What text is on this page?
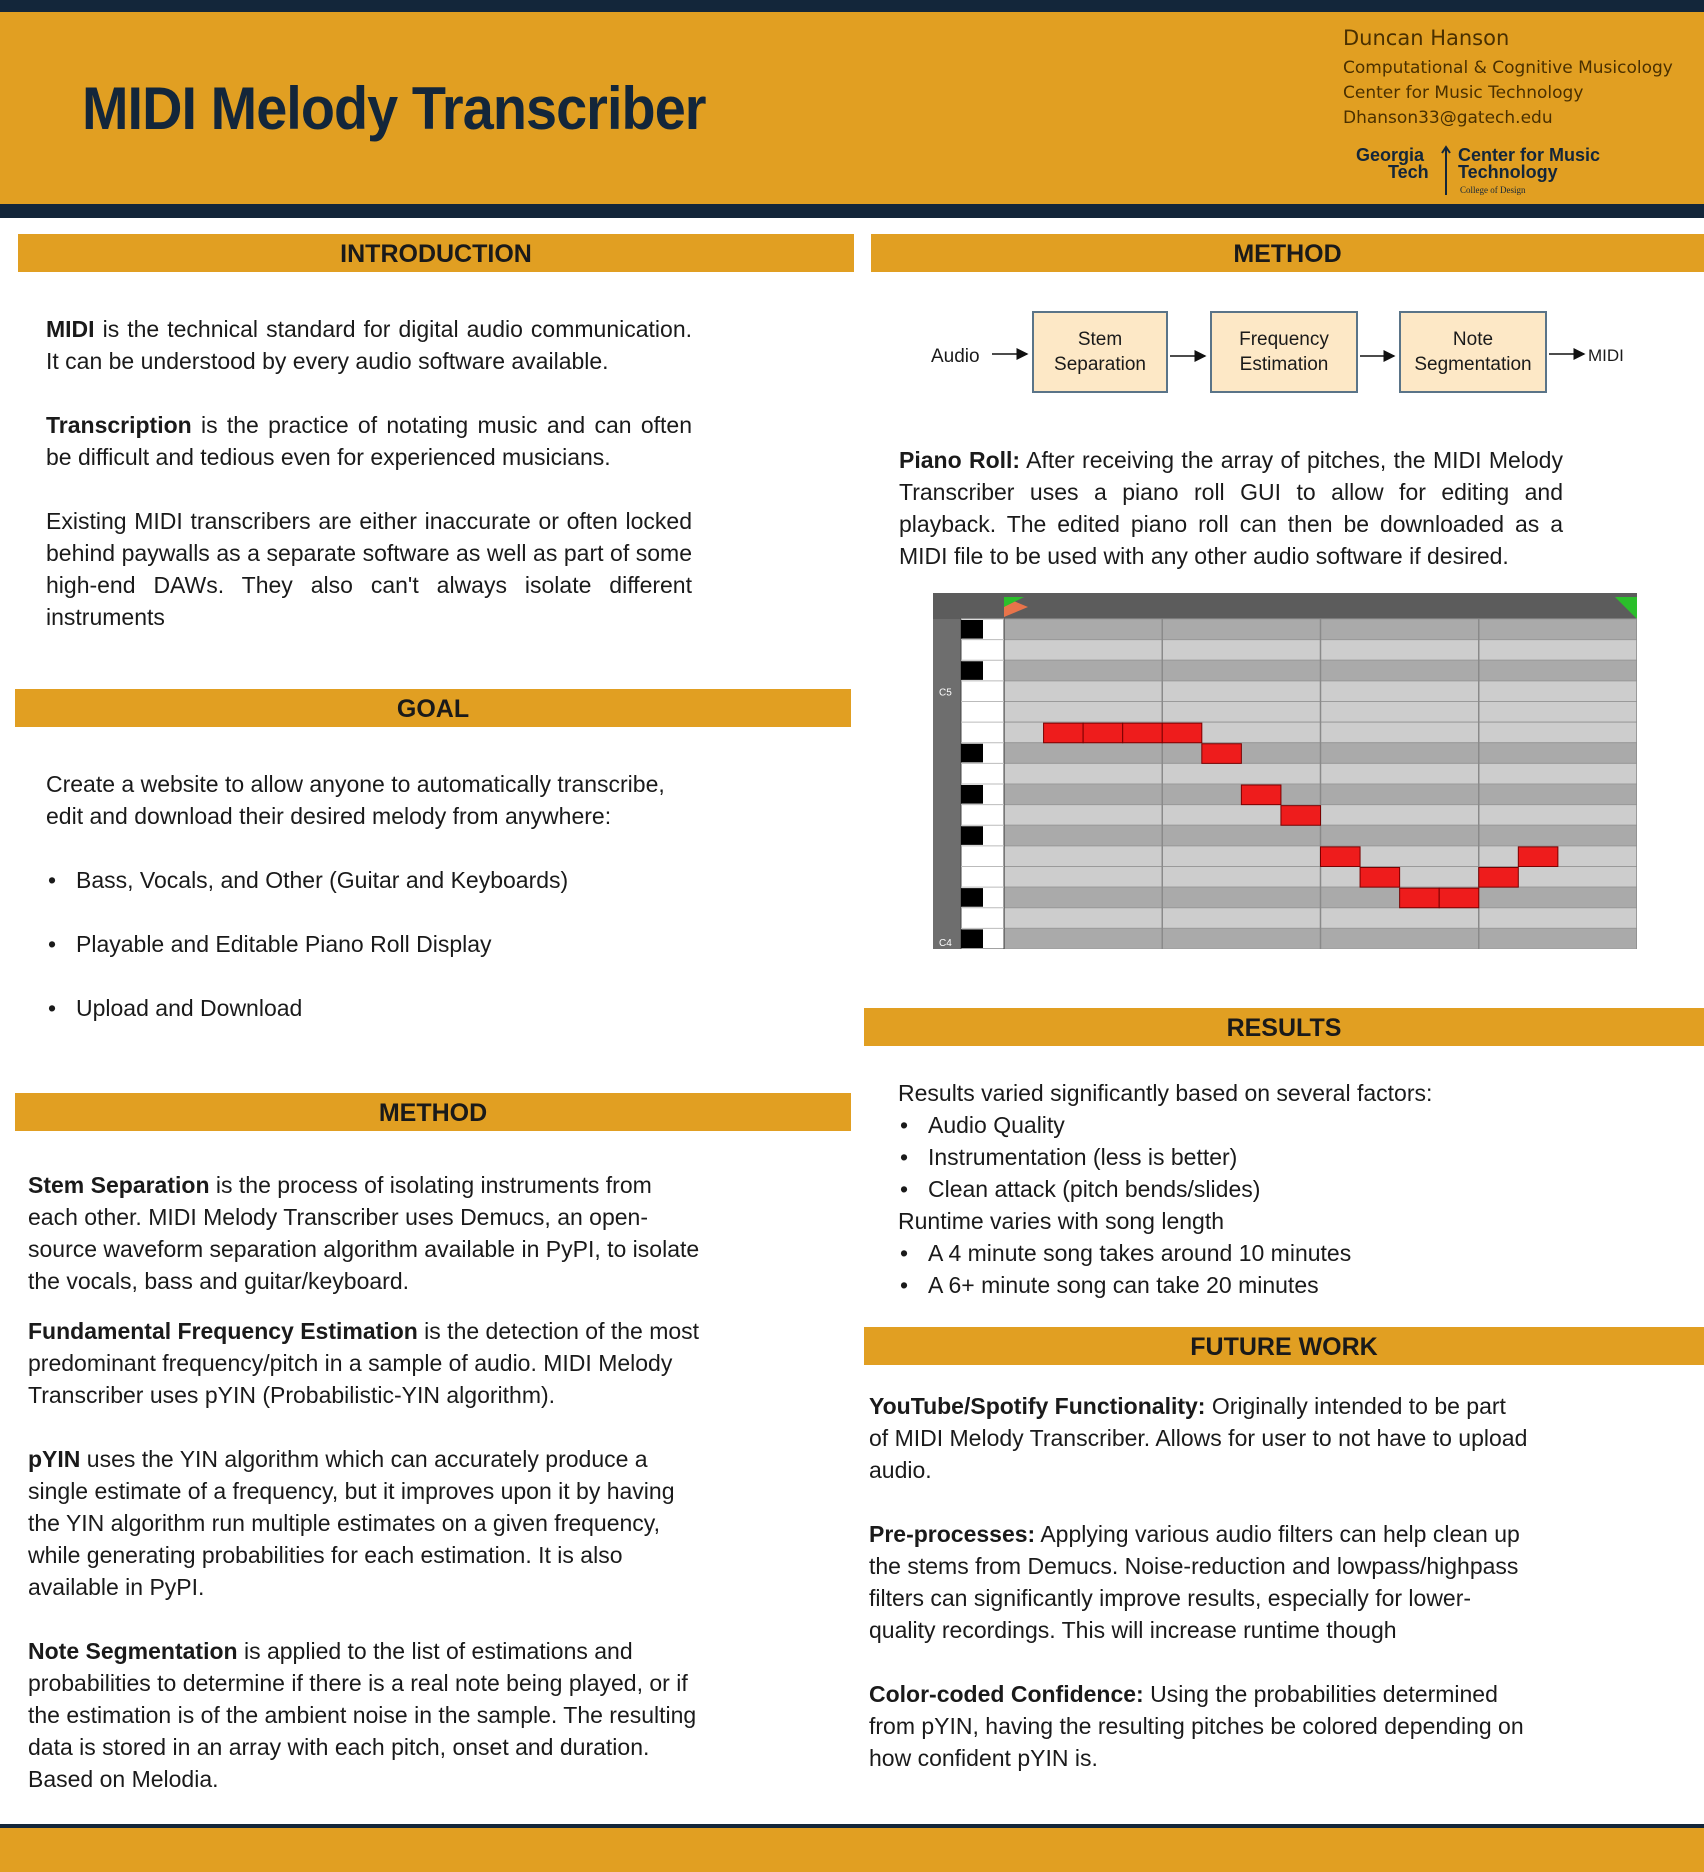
MIDI Melody Transcriber
Duncan Hanson
Computational & Cognitive Musicology
Center for Music Technology
Dhanson33@gatech.edu
Georgia
Tech
Center for Music
Technology
College of Design
INTRODUCTION

MIDI is the technical standard for digital audio communication. It can be understood by every audio software available.

Transcription is the practice of notating music and can often be difficult and tedious even for experienced musicians.

Existing MIDI transcribers are either inaccurate or often locked behind paywalls as a separate software as well as part of some high-end DAWs. They also can't always isolate different instruments

GOAL

Create a website to allow anyone to automatically transcribe,

edit and download their desired melody from anywhere:

• Bass, Vocals, and Other (Guitar and Keyboards)
• Playable and Editable Piano Roll Display
• Upload and Download
METHOD

Stem Separation is the process of isolating instruments from each other. MIDI Melody Transcriber uses Demucs, an open-source waveform separation algorithm available in PyPI, to isolate the vocals, bass and guitar/keyboard.

Fundamental Frequency Estimation is the detection of the most predominant frequency/pitch in a sample of audio. MIDI Melody Transcriber uses pYIN (Probabilistic-YIN algorithm).

pYIN uses the YIN algorithm which can accurately produce a single estimate of a frequency, but it improves upon it by having the YIN algorithm run multiple estimates on a given frequency, while generating probabilities for each estimation. It is also available in PyPI.

Note Segmentation is applied to the list of estimations and probabilities to determine if there is a real note being played, or if the estimation is of the ambient noise in the sample. The resulting data is stored in an array with each pitch, onset and duration. Based on Melodia.

METHOD
Audio
Stem
Separation
Frequency
Estimation
Note
Segmentation	MIDI

Piano Roll: After receiving the array of pitches, the MIDI Melody Transcriber uses a piano roll GUI to allow for editing and playback. The edited piano roll can then be downloaded as a MIDI file to be used with any other audio software if desired.

C5
C4
RESULTS

Results varied significantly based on several factors:

• Audio Quality
• Instrumentation (less is better)
• Clean attack (pitch bends/slides)

Runtime varies with song length

• A 4 minute song takes around 10 minutes
• A 6+ minute song can take 20 minutes
FUTURE WORK

YouTube/Spotify Functionality: Originally intended to be part of MIDI Melody Transcriber. Allows for user to not have to upload audio.

Pre-processes: Applying various audio filters can help clean up the stems from Demucs. Noise-reduction and lowpass/highpass filters can significantly improve results, especially for lower-quality recordings. This will increase runtime though

Color-coded Confidence: Using the probabilities determined from pYIN, having the resulting pitches be colored depending on how confident pYIN is.
